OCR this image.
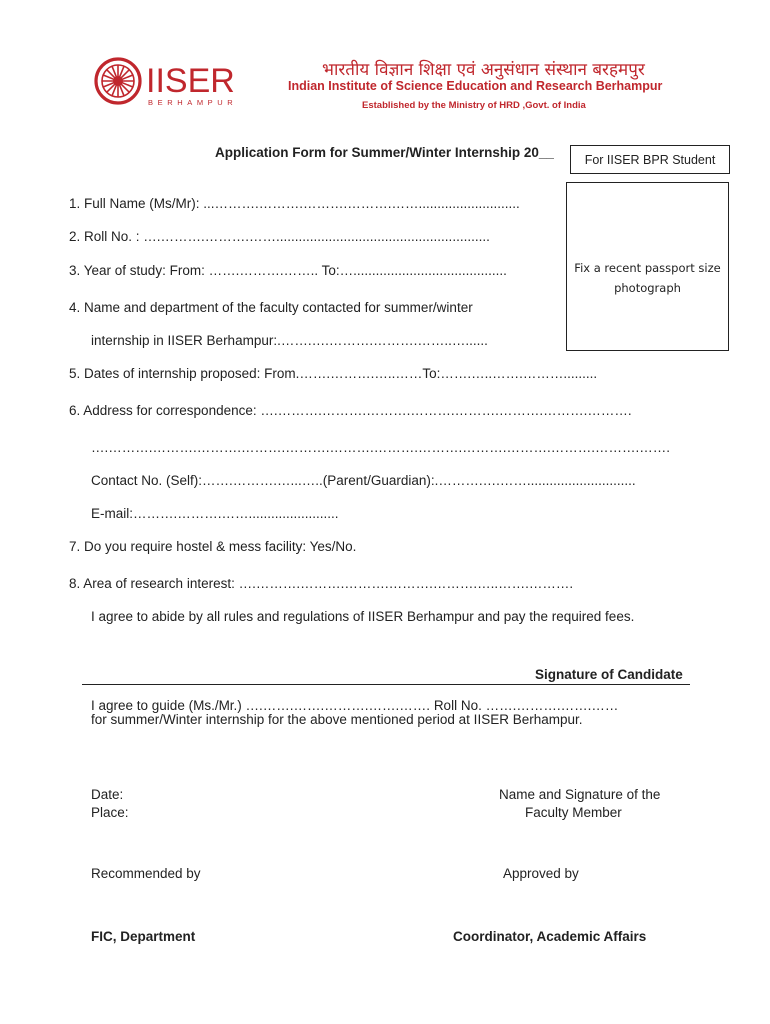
IISER
BERHAMPUR
भारतीय विज्ञान शिक्षा एवं अनुसंधान संस्थान बरहमपुर
Indian Institute of Science Education and Research Berhampur
Established by the Ministry of HRD ,Govt. of India
Application Form for Summer/Winter Internship 20__ For IISER BPR Student
Fix a recent passport size photograph
1. Full Name (Ms/Mr): ...……….……….……….……….……...........................
2. Roll No. : ….……….……….…….........................................................
3. Year of study: From: …….……….…….. To:….........................................
4. Name and department of the faculty contacted for summer/winter
internship in IISER Berhampur:.…….….……….……….……..…......
5. Dates of internship proposed: From.…….……….…..……To:…….…..…….……….........
6. Address for correspondence: ….……….……….……….……….……….……….……….……….
….……….……….……….……….……….……….……….……….……….……….……….……….…….
Contact No. (Self):…….……….…...…..(Parent/Guardian):.……….….…….............................
E-mail:……….……….……........................
7. Do you require hostel & mess facility: Yes/No.
8. Area of research interest: ….……….……….……….……….……….…..…….……….
I agree to abide by all rules and regulations of IISER Berhampur and pay the required fees.
Signature of Candidate
I agree to guide (Ms./Mr.) ….…….…….……….…….……. Roll No. …….……….…….……
for summer/Winter internship for the above mentioned period at IISER Berhampur.
Date:
Place:
Name and Signature of the
Faculty Member
Recommended by	Approved by
FIC, Department	Coordinator, Academic Affairs
